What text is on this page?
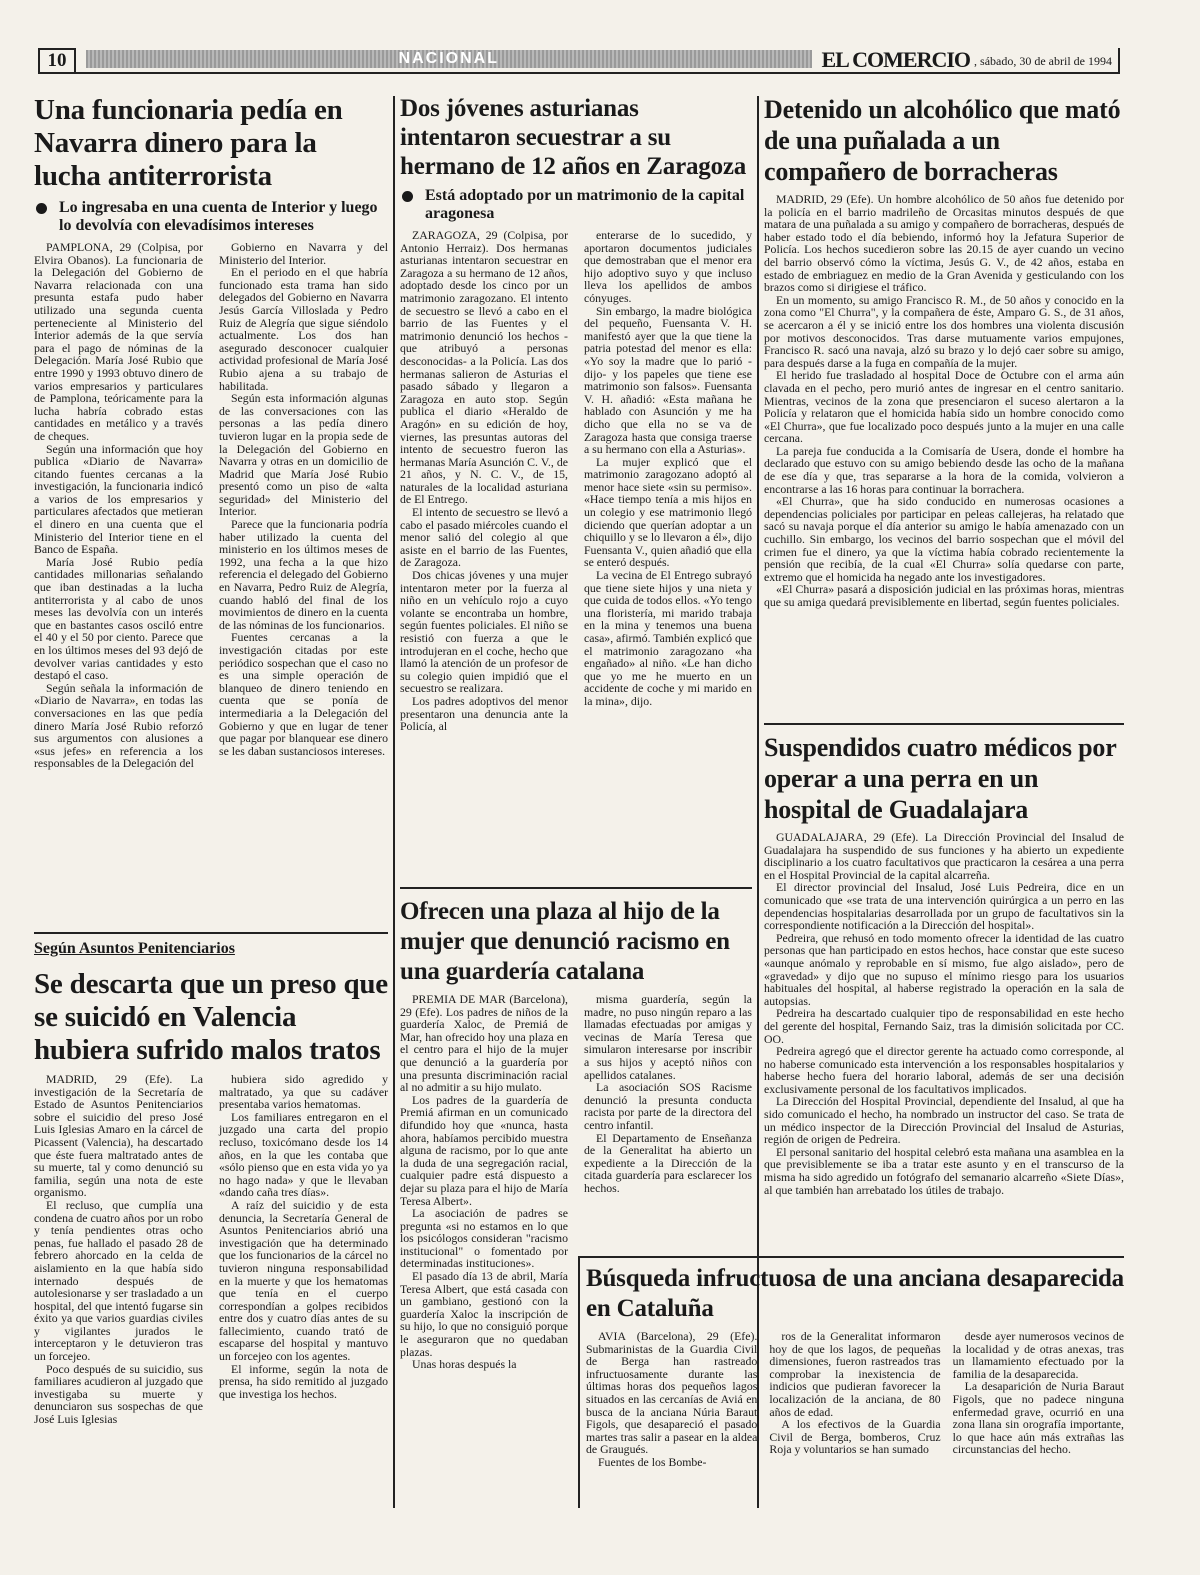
10	NACIONAL	EL COMERCIO , sábado, 30 de abril de 1994
Una funcionaria pedía en Navarra dinero para la lucha antiterrorista
Lo ingresaba en una cuenta de Interior y luego lo devolvía con elevadísimos intereses

PAMPLONA, 29 (Colpisa, por Elvira Obanos). La funcionaria de la Delegación del Gobierno de Navarra relacionada con una presunta estafa pudo haber utilizado una segunda cuenta perteneciente al Ministerio del Interior además de la que servía para el pago de nóminas de la Delegación. María José Rubio que entre 1990 y 1993 obtuvo dinero de varios empresarios y particulares de Pamplona, teóricamente para la lucha habría cobrado estas cantidades en metálico y a través de cheques.

Según una información que hoy publica «Diario de Navarra» citando fuentes cercanas a la investigación, la funcionaria indicó a varios de los empresarios y particulares afectados que metieran el dinero en una cuenta que el Ministerio del Interior tiene en el Banco de España.

María José Rubio pedía cantidades millonarias señalando que iban destinadas a la lucha antiterrorista y al cabo de unos meses las devolvía con un interés que en bastantes casos osciló entre el 40 y el 50 por ciento. Parece que en los últimos meses del 93 dejó de devolver varias cantidades y esto destapó el caso.

Según señala la información de «Diario de Navarra», en todas las conversaciones en las que pedía dinero María José Rubio reforzó sus argumentos con alusiones a «sus jefes» en referencia a los responsables de la Delegación del

Gobierno en Navarra y del Ministerio del Interior.

En el periodo en el que habría funcionado esta trama han sido delegados del Gobierno en Navarra Jesús García Villoslada y Pedro Ruiz de Alegría que sigue siéndolo actualmente. Los dos han asegurado desconocer cualquier actividad profesional de María José Rubio ajena a su trabajo de habilitada.

Según esta información algunas de las conversaciones con las personas a las pedía dinero tuvieron lugar en la propia sede de la Delegación del Gobierno en Navarra y otras en un domicilio de Madrid que María José Rubio presentó como un piso de «alta seguridad» del Ministerio del Interior.

Parece que la funcionaria podría haber utilizado la cuenta del ministerio en los últimos meses de 1992, una fecha a la que hizo referencia el delegado del Gobierno en Navarra, Pedro Ruiz de Alegría, cuando habló del final de los movimientos de dinero en la cuenta de las nóminas de los funcionarios.

Fuentes cercanas a la investigación citadas por este periódico sospechan que el caso no es una simple operación de blanqueo de dinero teniendo en cuenta que se ponía de intermediaria a la Delegación del Gobierno y que en lugar de tener que pagar por blanquear ese dinero se les daban sustanciosos intereses.

Según Asuntos Penitenciarios

Se descarta que un preso que se suicidó en Valencia hubiera sufrido malos tratos

MADRID, 29 (Efe). La investigación de la Secretaría de Estado de Asuntos Penitenciarios sobre el suicidio del preso José Luis Iglesias Amaro en la cárcel de Picassent (Valencia), ha descartado que éste fuera maltratado antes de su muerte, tal y como denunció su familia, según una nota de este organismo.

El recluso, que cumplía una condena de cuatro años por un robo y tenía pendientes otras ocho penas, fue hallado el pasado 28 de febrero ahorcado en la celda de aislamiento en la que había sido internado después de autolesionarse y ser trasladado a un hospital, del que intentó fugarse sin éxito ya que varios guardias civiles y vigilantes jurados le interceptaron y le detuvieron tras un forcejeo.

Poco después de su suicidio, sus familiares acudieron al juzgado que investigaba su muerte y denunciaron sus sospechas de que José Luis Iglesias

hubiera sido agredido y maltratado, ya que su cadáver presentaba varios hematomas.

Los familiares entregaron en el juzgado una carta del propio recluso, toxicómano desde los 14 años, en la que les contaba que «sólo pienso que en esta vida yo ya no hago nada» y que le llevaban «dando caña tres días».

A raíz del suicidio y de esta denuncia, la Secretaría General de Asuntos Penitenciarios abrió una investigación que ha determinado que los funcionarios de la cárcel no tuvieron ninguna responsabilidad en la muerte y que los hematomas que tenía en el cuerpo correspondían a golpes recibidos entre dos y cuatro días antes de su fallecimiento, cuando trató de escaparse del hospital y mantuvo un forcejeo con los agentes.

El informe, según la nota de prensa, ha sido remitido al juzgado que investiga los hechos.

Dos jóvenes asturianas intentaron secuestrar a su hermano de 12 años en Zaragoza
Está adoptado por un matrimonio de la capital aragonesa

ZARAGOZA, 29 (Colpisa, por Antonio Herraiz). Dos hermanas asturianas intentaron secuestrar en Zaragoza a su hermano de 12 años, adoptado desde los cinco por un matrimonio zaragozano. El intento de secuestro se llevó a cabo en el barrio de las Fuentes y el matrimonio denunció los hechos -que atribuyó a personas desconocidas- a la Policía. Las dos hermanas salieron de Asturias el pasado sábado y llegaron a Zaragoza en auto stop. Según publica el diario «Heraldo de Aragón» en su edición de hoy, viernes, las presuntas autoras del intento de secuestro fueron las hermanas María Asunción C. V., de 21 años, y N. C. V., de 15, naturales de la localidad asturiana de El Entrego.

El intento de secuestro se llevó a cabo el pasado miércoles cuando el menor salió del colegio al que asiste en el barrio de las Fuentes, de Zaragoza.

Dos chicas jóvenes y una mujer intentaron meter por la fuerza al niño en un vehículo rojo a cuyo volante se encontraba un hombre, según fuentes policiales. El niño se resistió con fuerza a que le introdujeran en el coche, hecho que llamó la atención de un profesor de su colegio quien impidió que el secuestro se realizara.

Los padres adoptivos del menor presentaron una denuncia ante la Policía, al

enterarse de lo sucedido, y aportaron documentos judiciales que demostraban que el menor era hijo adoptivo suyo y que incluso lleva los apellidos de ambos cónyuges.

Sin embargo, la madre biológica del pequeño, Fuensanta V. H. manifestó ayer que la que tiene la patria potestad del menor es ella: «Yo soy la madre que lo parió -dijo- y los papeles que tiene ese matrimonio son falsos». Fuensanta V. H. añadió: «Esta mañana he hablado con Asunción y me ha dicho que ella no se va de Zaragoza hasta que consiga traerse a su hermano con ella a Asturias».

La mujer explicó que el matrimonio zaragozano adoptó al menor hace siete «sin su permiso». «Hace tiempo tenía a mis hijos en un colegio y ese matrimonio llegó diciendo que querían adoptar a un chiquillo y se lo llevaron a él», dijo Fuensanta V., quien añadió que ella se enteró después.

La vecina de El Entrego subrayó que tiene siete hijos y una nieta y que cuida de todos ellos. «Yo tengo una floristería, mi marido trabaja en la mina y tenemos una buena casa», afirmó. También explicó que el matrimonio zaragozano «ha engañado» al niño. «Le han dicho que yo me he muerto en un accidente de coche y mi marido en la mina», dijo.

Ofrecen una plaza al hijo de la mujer que denunció racismo en una guardería catalana

PREMIA DE MAR (Barcelona), 29 (Efe). Los padres de niños de la guardería Xaloc, de Premiá de Mar, han ofrecido hoy una plaza en el centro para el hijo de la mujer que denunció a la guardería por una presunta discriminación racial al no admitir a su hijo mulato.

Los padres de la guardería de Premiá afirman en un comunicado difundido hoy que «nunca, hasta ahora, habíamos percibido muestra alguna de racismo, por lo que ante la duda de una segregación racial, cualquier padre está dispuesto a dejar su plaza para el hijo de María Teresa Albert».

La asociación de padres se pregunta «si no estamos en lo que los psicólogos consideran "racismo institucional" o fomentado por determinadas instituciones».

El pasado día 13 de abril, María Teresa Albert, que está casada con un gambiano, gestionó con la guardería Xaloc la inscripción de su hijo, lo que no consiguió porque le aseguraron que no quedaban plazas.

Unas horas después la

misma guardería, según la madre, no puso ningún reparo a las llamadas efectuadas por amigas y vecinas de María Teresa que simularon interesarse por inscribir a sus hijos y aceptó niños con apellidos catalanes.

La asociación SOS Racisme denunció la presunta conducta racista por parte de la directora del centro infantil.

El Departamento de Enseñanza de la Generalitat ha abierto un expediente a la Dirección de la citada guardería para esclarecer los hechos.

Detenido un alcohólico que mató de una puñalada a un compañero de borracheras

MADRID, 29 (Efe). Un hombre alcohólico de 50 años fue detenido por la policía en el barrio madrileño de Orcasitas minutos después de que matara de una puñalada a su amigo y compañero de borracheras, después de haber estado todo el día bebiendo, informó hoy la Jefatura Superior de Policía. Los hechos sucedieron sobre las 20.15 de ayer cuando un vecino del barrio observó cómo la víctima, Jesús G. V., de 42 años, estaba en estado de embriaguez en medio de la Gran Avenida y gesticulando con los brazos como si dirigiese el tráfico.

En un momento, su amigo Francisco R. M., de 50 años y conocido en la zona como "El Churra", y la compañera de éste, Amparo G. S., de 31 años, se acercaron a él y se inició entre los dos hombres una violenta discusión por motivos desconocidos. Tras darse mutuamente varios empujones, Francisco R. sacó una navaja, alzó su brazo y lo dejó caer sobre su amigo, para después darse a la fuga en compañía de la mujer.

El herido fue trasladado al hospital Doce de Octubre con el arma aún clavada en el pecho, pero murió antes de ingresar en el centro sanitario. Mientras, vecinos de la zona que presenciaron el suceso alertaron a la Policía y relataron que el homicida había sido un hombre conocido como «El Churra», que fue localizado poco después junto a la mujer en una calle cercana.

La pareja fue conducida a la Comisaría de Usera, donde el hombre ha declarado que estuvo con su amigo bebiendo desde las ocho de la mañana de ese día y que, tras separarse a la hora de la comida, volvieron a encontrarse a las 16 horas para continuar la borrachera.

«El Churra», que ha sido conducido en numerosas ocasiones a dependencias policiales por participar en peleas callejeras, ha relatado que sacó su navaja porque el día anterior su amigo le había amenazado con un cuchillo. Sin embargo, los vecinos del barrio sospechan que el móvil del crimen fue el dinero, ya que la víctima había cobrado recientemente la pensión que recibía, de la cual «El Churra» solía quedarse con parte, extremo que el homicida ha negado ante los investigadores.

«El Churra» pasará a disposición judicial en las próximas horas, mientras que su amiga quedará previsiblemente en libertad, según fuentes policiales.

Suspendidos cuatro médicos por operar a una perra en un hospital de Guadalajara

GUADALAJARA, 29 (Efe). La Dirección Provincial del Insalud de Guadalajara ha suspendido de sus funciones y ha abierto un expediente disciplinario a los cuatro facultativos que practicaron la cesárea a una perra en el Hospital Provincial de la capital alcarreña.

El director provincial del Insalud, José Luis Pedreira, dice en un comunicado que «se trata de una intervención quirúrgica a un perro en las dependencias hospitalarias desarrollada por un grupo de facultativos sin la correspondiente notificación a la Dirección del hospital».

Pedreira, que rehusó en todo momento ofrecer la identidad de las cuatro personas que han participado en estos hechos, hace constar que este suceso «aunque anómalo y reprobable en sí mismo, fue algo aislado», pero de «gravedad» y dijo que no supuso el mínimo riesgo para los usuarios habituales del hospital, al haberse registrado la operación en la sala de autopsias.

Pedreira ha descartado cualquier tipo de responsabilidad en este hecho del gerente del hospital, Fernando Saiz, tras la dimisión solicitada por CC. OO.

Pedreira agregó que el director gerente ha actuado como corresponde, al no haberse comunicado esta intervención a los responsables hospitalarios y haberse hecho fuera del horario laboral, además de ser una decisión exclusivamente personal de los facultativos implicados.

La Dirección del Hospital Provincial, dependiente del Insalud, al que ha sido comunicado el hecho, ha nombrado un instructor del caso. Se trata de un médico inspector de la Dirección Provincial del Insalud de Asturias, región de origen de Pedreira.

El personal sanitario del hospital celebró esta mañana una asamblea en la que previsiblemente se iba a tratar este asunto y en el transcurso de la misma ha sido agredido un fotógrafo del semanario alcarreño «Siete Días», al que también han arrebatado los útiles de trabajo.

Búsqueda infructuosa de una anciana desaparecida en Cataluña

AVIA (Barcelona), 29 (Efe). Submarinistas de la Guardia Civil de Berga han rastreado infructuosamente durante las últimas horas dos pequeños lagos situados en las cercanías de Aviá en busca de la anciana Núria Baraut Figols, que desapareció el pasado martes tras salir a pasear en la aldea de Graugués.

Fuentes de los Bombe-

ros de la Generalitat informaron hoy de que los lagos, de pequeñas dimensiones, fueron rastreados tras comprobar la inexistencia de indicios que pudieran favorecer la localización de la anciana, de 80 años de edad.

A los efectivos de la Guardia Civil de Berga, bomberos, Cruz Roja y voluntarios se han sumado

desde ayer numerosos vecinos de la localidad y de otras anexas, tras un llamamiento efectuado por la familia de la desaparecida.

La desaparición de Nuria Baraut Figols, que no padece ninguna enfermedad grave, ocurrió en una zona llana sin orografía importante, lo que hace aún más extrañas las circunstancias del hecho.
